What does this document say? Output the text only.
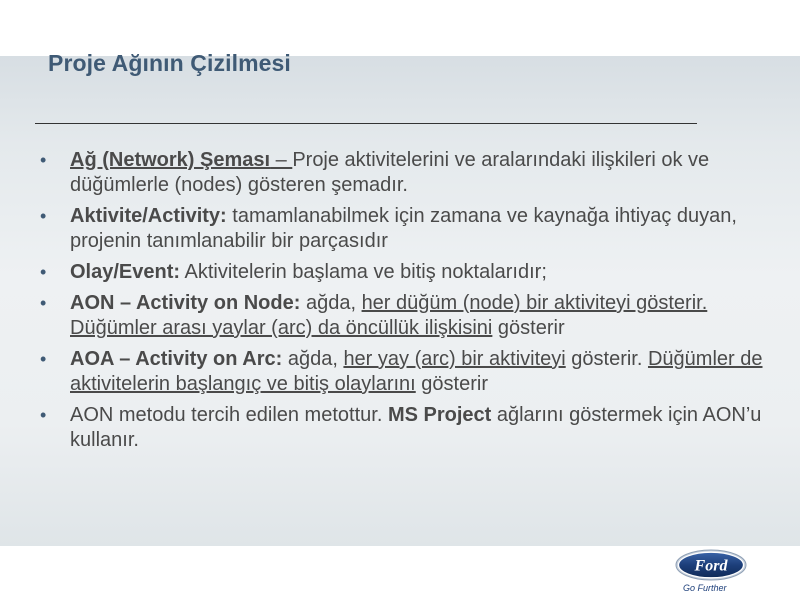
Proje Ağının Çizilmesi
• Ağ (Network) Şeması – Proje aktivitelerini ve aralarındaki ilişkileri ok ve düğümlerle (nodes) gösteren şemadır.
• Aktivite/Activity: tamamlanabilmek için zamana ve kaynağa ihtiyaç duyan, projenin tanımlanabilir bir parçasıdır
• Olay/Event: Aktivitelerin başlama ve bitiş noktalarıdır;
• AON – Activity on Node: ağda, her düğüm (node) bir aktiviteyi gösterir. Düğümler arası yaylar (arc) da öncüllük ilişkisini gösterir
• AOA – Activity on Arc: ağda, her yay (arc) bir aktiviteyi gösterir. Düğümler de aktivitelerin başlangıç ve bitiş olaylarını gösterir
• AON metodu tercih edilen metottur. MS Project ağlarını göstermek için AON’u kullanır.
Ford
Go Further
